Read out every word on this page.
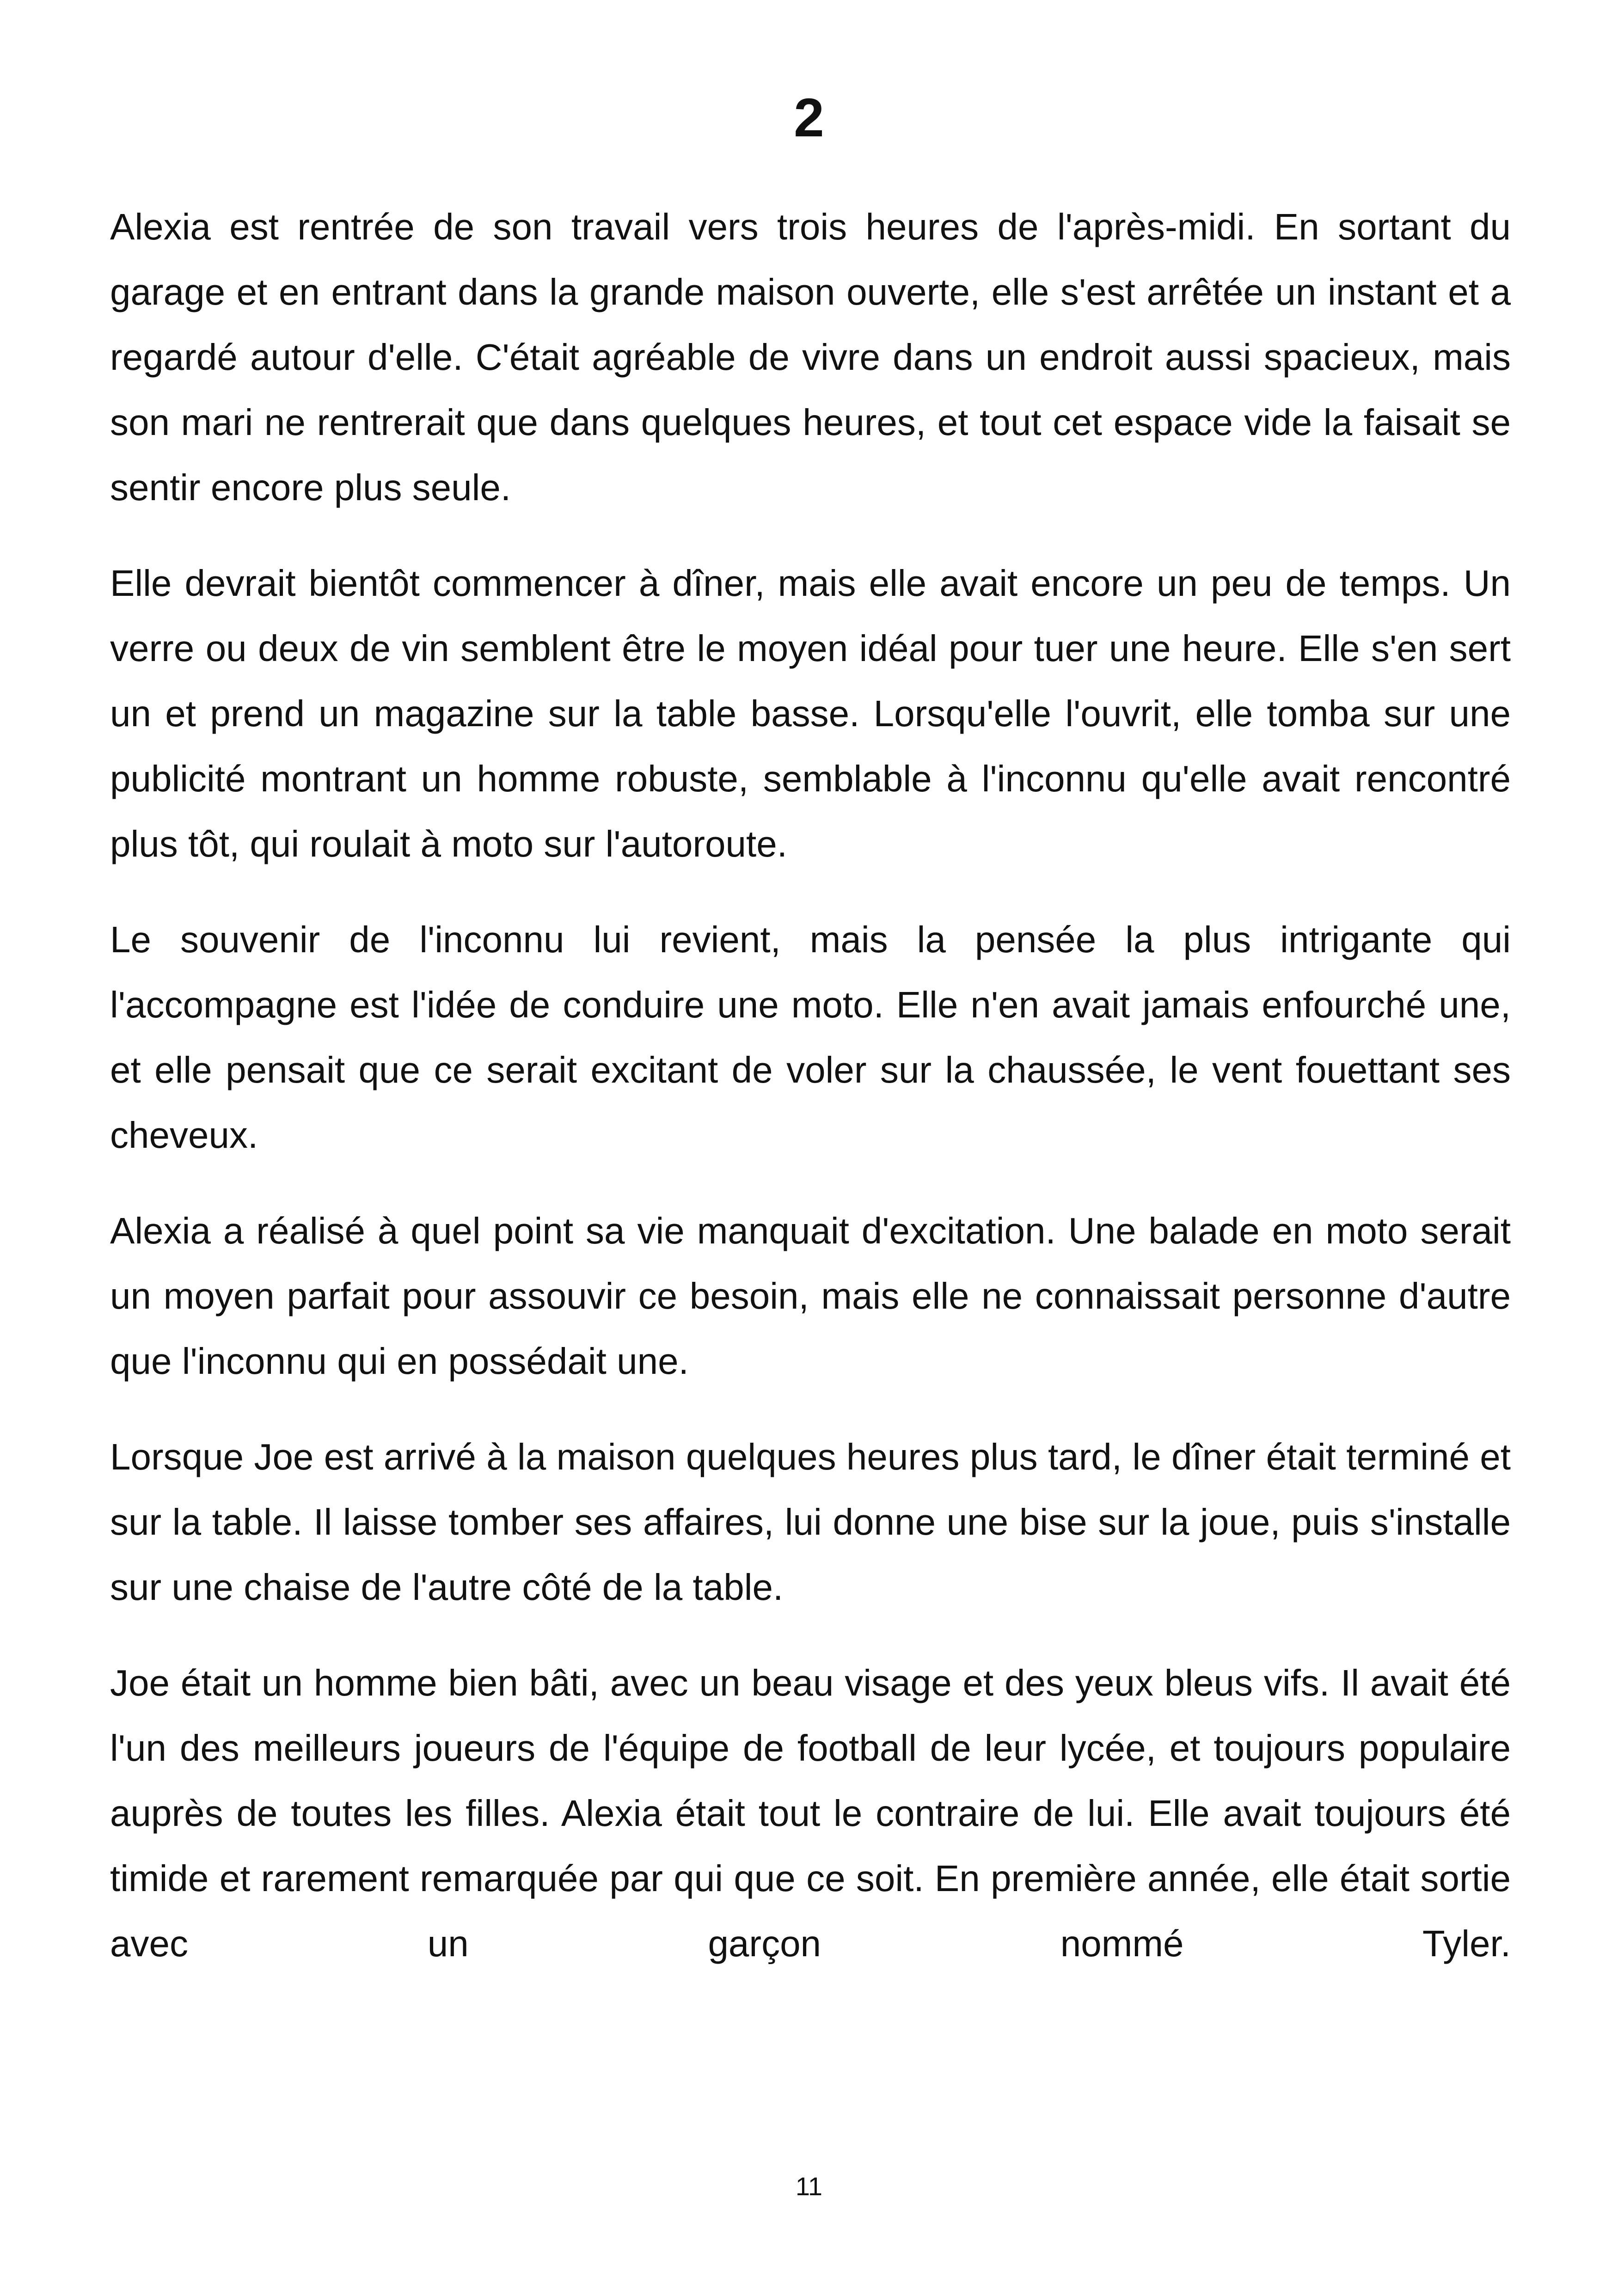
2

Alexia est rentrée de son travail vers trois heures de l'après-midi. En sortant du garage et en entrant dans la grande maison ouverte, elle s'est arrêtée un instant et a regardé autour d'elle. C'était agréable de vivre dans un endroit aussi spacieux, mais son mari ne rentrerait que dans quelques heures, et tout cet espace vide la faisait se sentir encore plus seule.

Elle devrait bientôt commencer à dîner, mais elle avait encore un peu de temps. Un verre ou deux de vin semblent être le moyen idéal pour tuer une heure. Elle s'en sert un et prend un magazine sur la table basse. Lorsqu'elle l'ouvrit, elle tomba sur une publicité montrant un homme robuste, semblable à l'inconnu qu'elle avait rencontré plus tôt, qui roulait à moto sur l'autoroute.

Le souvenir de l'inconnu lui revient, mais la pensée la plus intrigante qui l'accompagne est l'idée de conduire une moto. Elle n'en avait jamais enfourché une, et elle pensait que ce serait excitant de voler sur la chaussée, le vent fouettant ses cheveux.

Alexia a réalisé à quel point sa vie manquait d'excitation. Une balade en moto serait un moyen parfait pour assouvir ce besoin, mais elle ne connaissait personne d'autre que l'inconnu qui en possédait une.

Lorsque Joe est arrivé à la maison quelques heures plus tard, le dîner était terminé et sur la table. Il laisse tomber ses affaires, lui donne une bise sur la joue, puis s'installe sur une chaise de l'autre côté de la table.

Joe était un homme bien bâti, avec un beau visage et des yeux bleus vifs. Il avait été l'un des meilleurs joueurs de l'équipe de football de leur lycée, et toujours populaire auprès de toutes les filles. Alexia était tout le contraire de lui. Elle avait toujours été timide et rarement remarquée par qui que ce soit. En première année, elle était sortie avec un garçon nommé Tyler.

11
